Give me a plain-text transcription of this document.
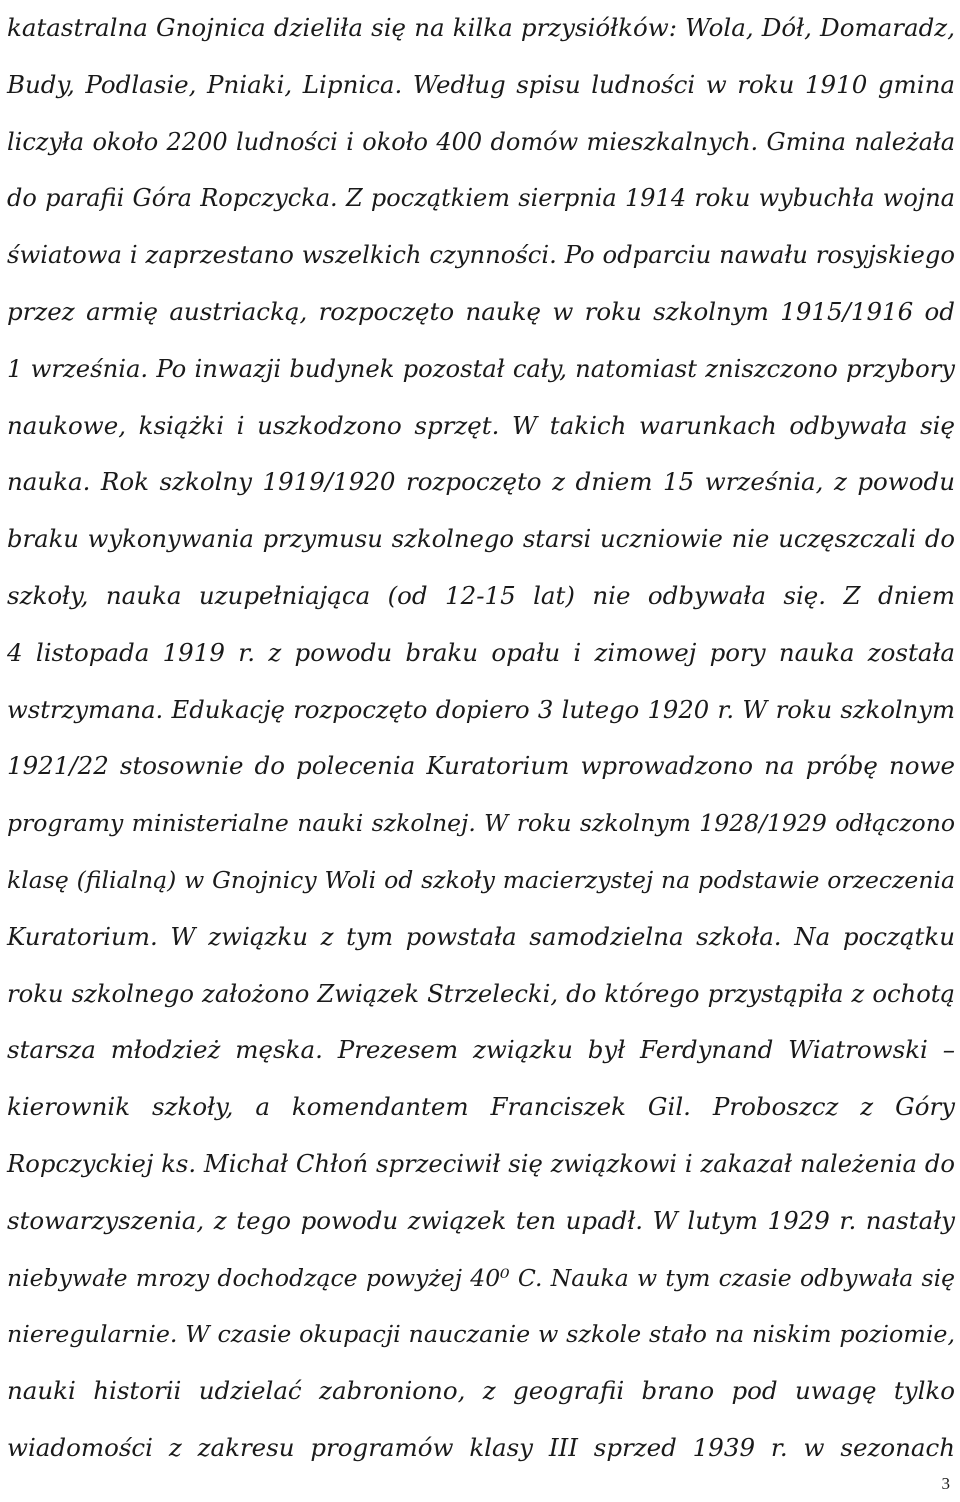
katastralna Gnojnica dzieliła się na kilka przysiółków: Wola, Dół, Domaradz,
Budy, Podlasie, Pniaki, Lipnica. Według spisu ludności w roku 1910 gmina
liczyła około 2200 ludności i około 400 domów mieszkalnych. Gmina należała
do parafii Góra Ropczycka. Z początkiem sierpnia 1914 roku wybuchła wojna
światowa i zaprzestano wszelkich czynności. Po odparciu nawału rosyjskiego
przez armię austriacką, rozpoczęto naukę w roku szkolnym 1915/1916 od
1 września. Po inwazji budynek pozostał cały, natomiast zniszczono przybory
naukowe, książki i uszkodzono sprzęt. W takich warunkach odbywała się
nauka. Rok szkolny 1919/1920 rozpoczęto z dniem 15 września, z powodu
braku wykonywania przymusu szkolnego starsi uczniowie nie uczęszczali do
szkoły, nauka uzupełniająca (od 12-15 lat) nie odbywała się. Z dniem
4 listopada 1919 r. z powodu braku opału i zimowej pory nauka została
wstrzymana. Edukację rozpoczęto dopiero 3 lutego 1920 r. W roku szkolnym
1921/22 stosownie do polecenia Kuratorium wprowadzono na próbę nowe
programy ministerialne nauki szkolnej. W roku szkolnym 1928/1929 odłączono
klasę (filialną) w Gnojnicy Woli od szkoły macierzystej na podstawie orzeczenia
Kuratorium. W związku z tym powstała samodzielna szkoła. Na początku
roku szkolnego założono Związek Strzelecki, do którego przystąpiła z ochotą
starsza młodzież męska. Prezesem związku był Ferdynand Wiatrowski –
kierownik szkoły, a komendantem Franciszek Gil. Proboszcz z Góry
Ropczyckiej ks. Michał Chłoń sprzeciwił się związkowi i zakazał należenia do
stowarzyszenia, z tego powodu związek ten upadł. W lutym 1929 r. nastały
niebywałe mrozy dochodzące powyżej 40⁰ C. Nauka w tym czasie odbywała się
nieregularnie. W czasie okupacji nauczanie w szkole stało na niskim poziomie,
nauki historii udzielać zabroniono, z geografii brano pod uwagę tylko
wiadomości z zakresu programów klasy III sprzed 1939 r. w sezonach
3
